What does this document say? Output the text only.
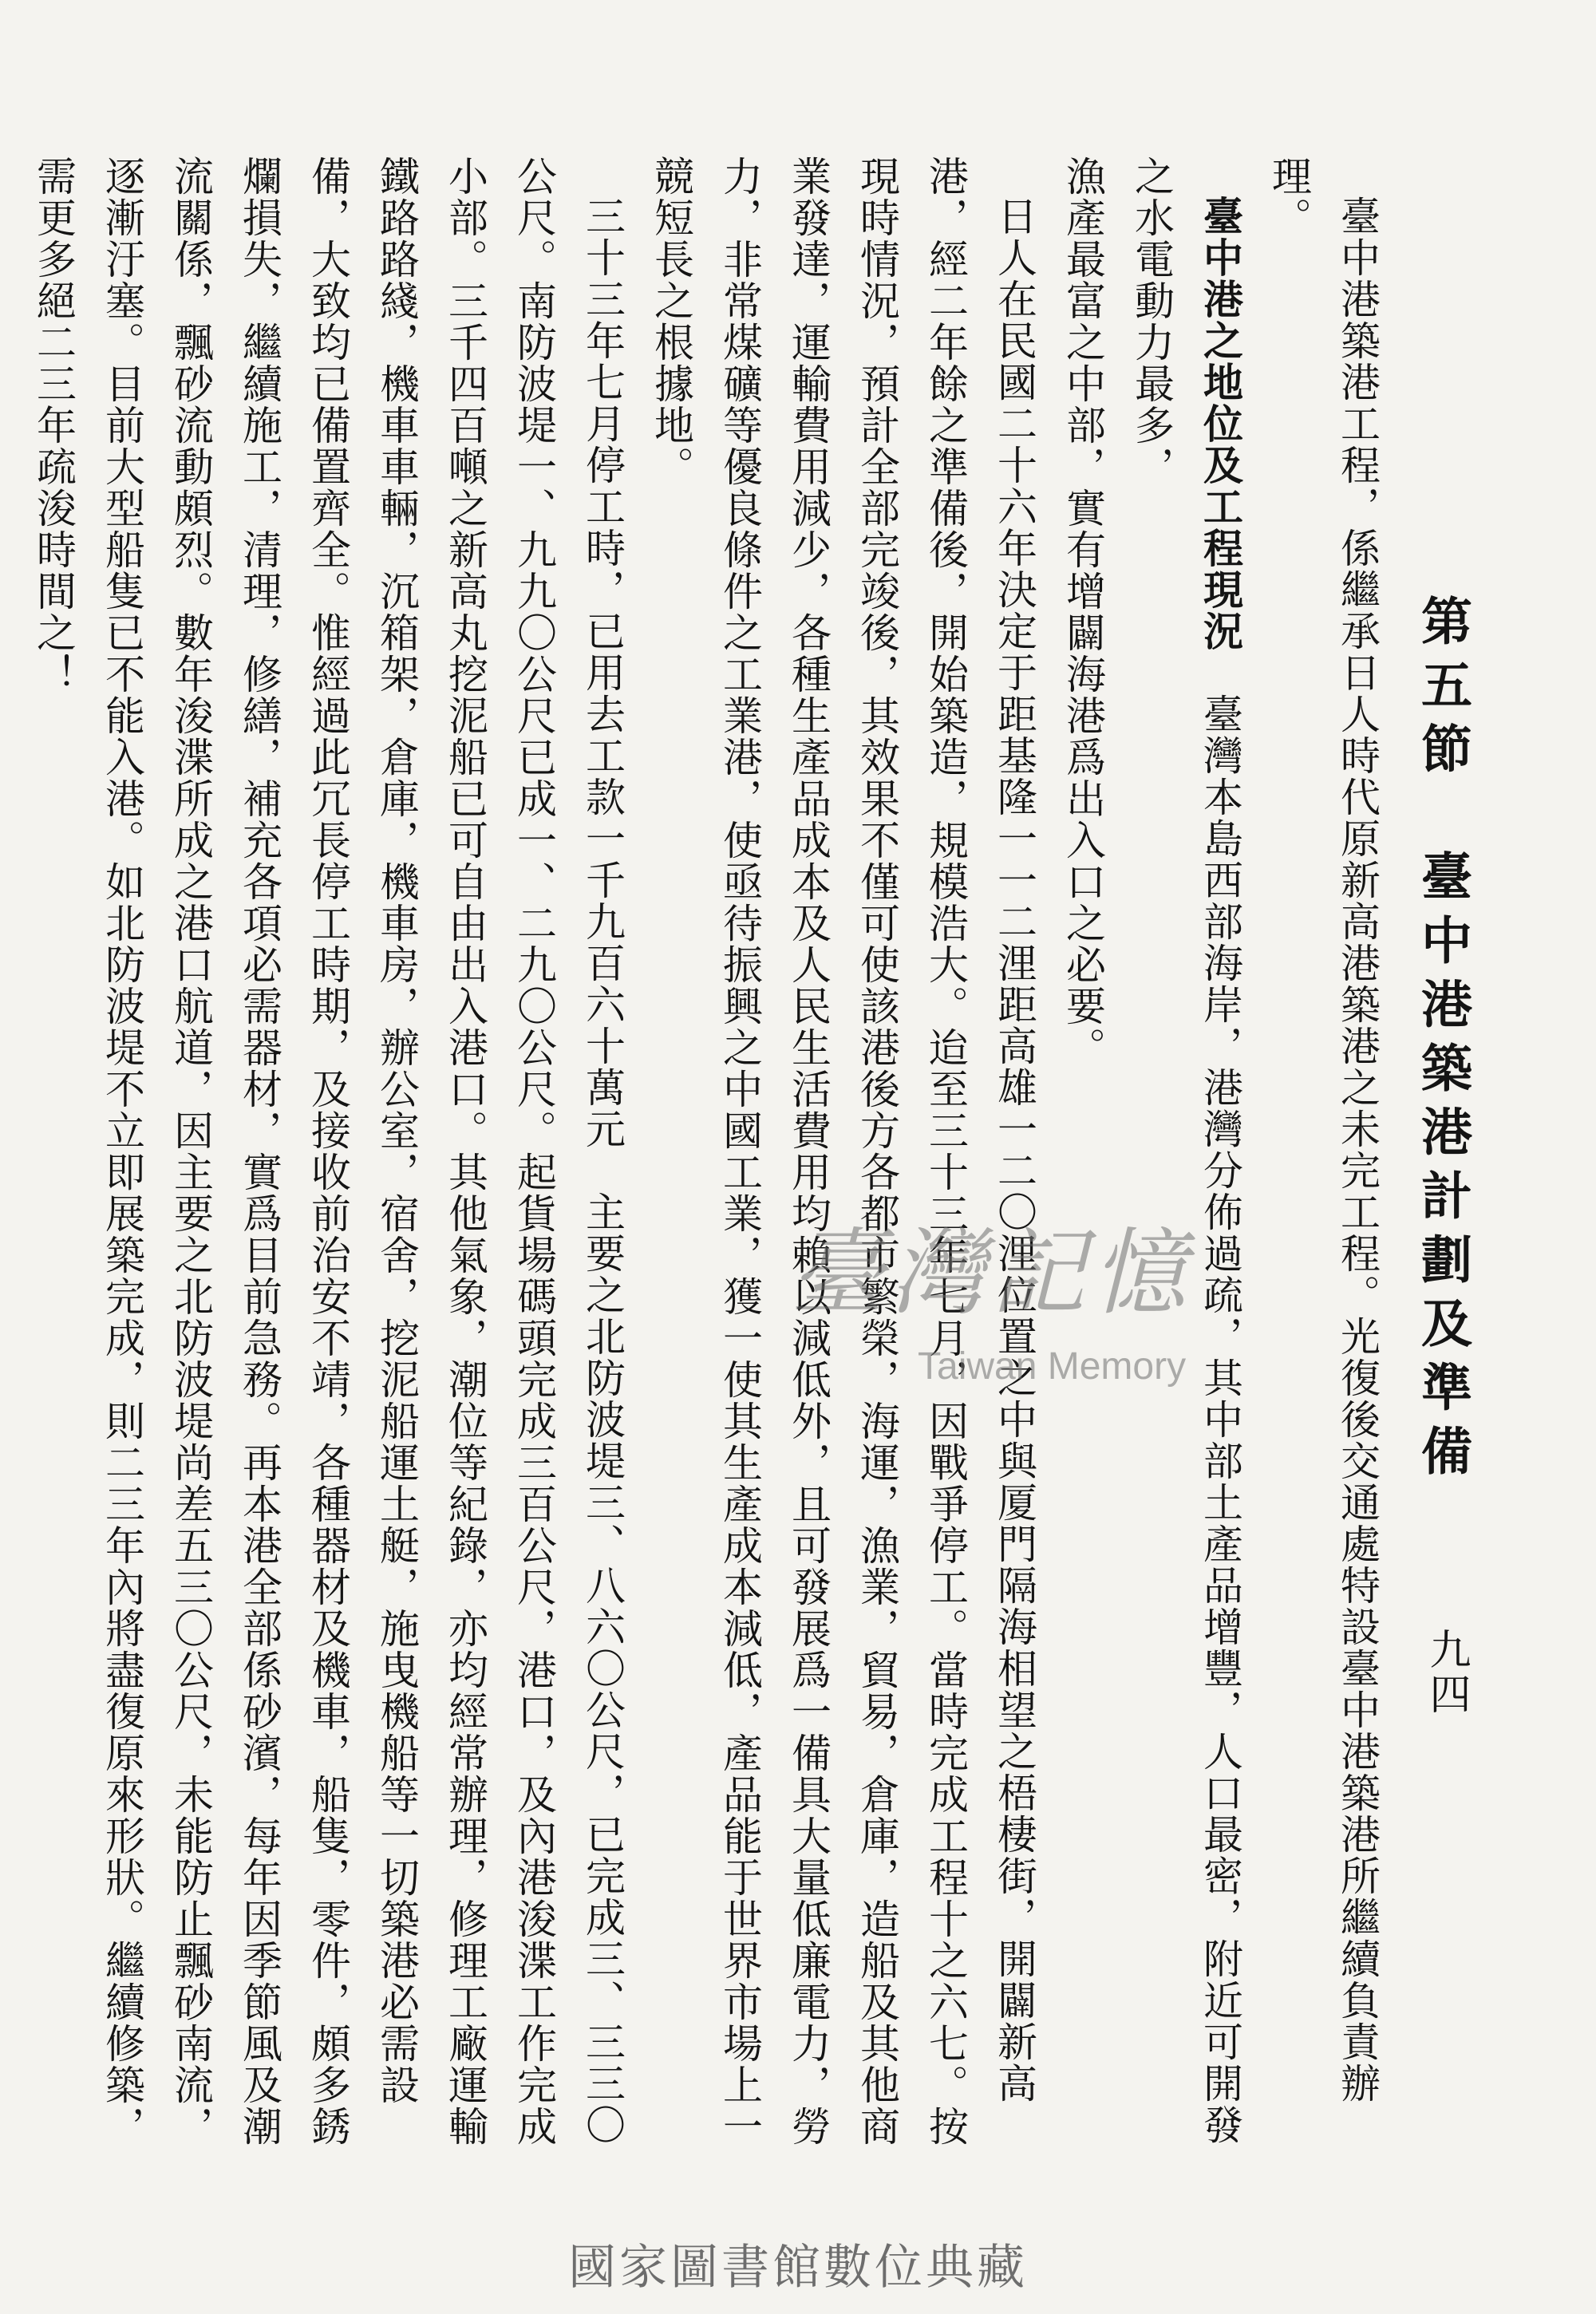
九四

第五節　臺中港築港計劃及準備

臺中港築港工程，係繼承日人時代原新高港築港之未完工程。光復後交通處特設臺中港築港所繼續負責辦理。

臺中港之地位及工程現況　臺灣本島西部海岸，港灣分佈過疏，其中部土產品增豐，人口最密，附近可開發之水電動力最多，

漁產最富之中部，實有增闢海港爲出入口之必要。

日人在民國二十六年決定于距基隆一一二浬距高雄一二〇浬位置之中與厦門隔海相望之梧棲街，開闢新高港，經二年餘之準備後，開始築造，規模浩大。迨至三十三年七月，因戰爭停工。當時完成工程十之六七。按現時情況，預計全部完竣後，其效果不僅可使該港後方各都市繁榮，海運，漁業，貿易，倉庫，造船及其他商業發達，運輸費用減少，各種生產品成本及人民生活費用均賴以減低外，且可發展爲一備具大量低廉電力，勞力，非常煤礦等優良條件之工業港，使亟待振興之中國工業，獲一使其生產成本減低，產品能于世界市場上一競短長之根據地。

三十三年七月停工時，已用去工款一千九百六十萬元　主要之北防波堤三、八六〇公尺，已完成三、三三〇公尺。南防波堤一、九九〇公尺已成一、二九〇公尺。起貨場碼頭完成三百公尺，港口，及內港浚渫工作完成小部。三千四百噸之新高丸挖泥船已可自由出入港口。其他氣象，潮位等紀錄，亦均經常辦理，修理工廠運輸鐵路路綫，機車車輛，沉箱架，倉庫，機車房，辦公室，宿舍，挖泥船運土艇，施曳機船等一切築港必需設備，大致均已備置齊全。惟經過此冗長停工時期，及接收前治安不靖，各種器材及機車，船隻，零件，頗多銹爛損失，繼續施工，清理，修繕，補充各項必需器材，實爲目前急務。再本港全部係砂濱，每年因季節風及潮流關係，飄砂流動頗烈。數年浚渫所成之港口航道，因主要之北防波堤尚差五三〇公尺，未能防止飄砂南流，逐漸汙塞。目前大型船隻已不能入港。如北防波堤不立即展築完成，則二三年內將盡復原來形狀。繼續修築，需更多絕二三年疏浚時間之！

臺灣記憶
Taiwan Memory
國家圖書館數位典藏
